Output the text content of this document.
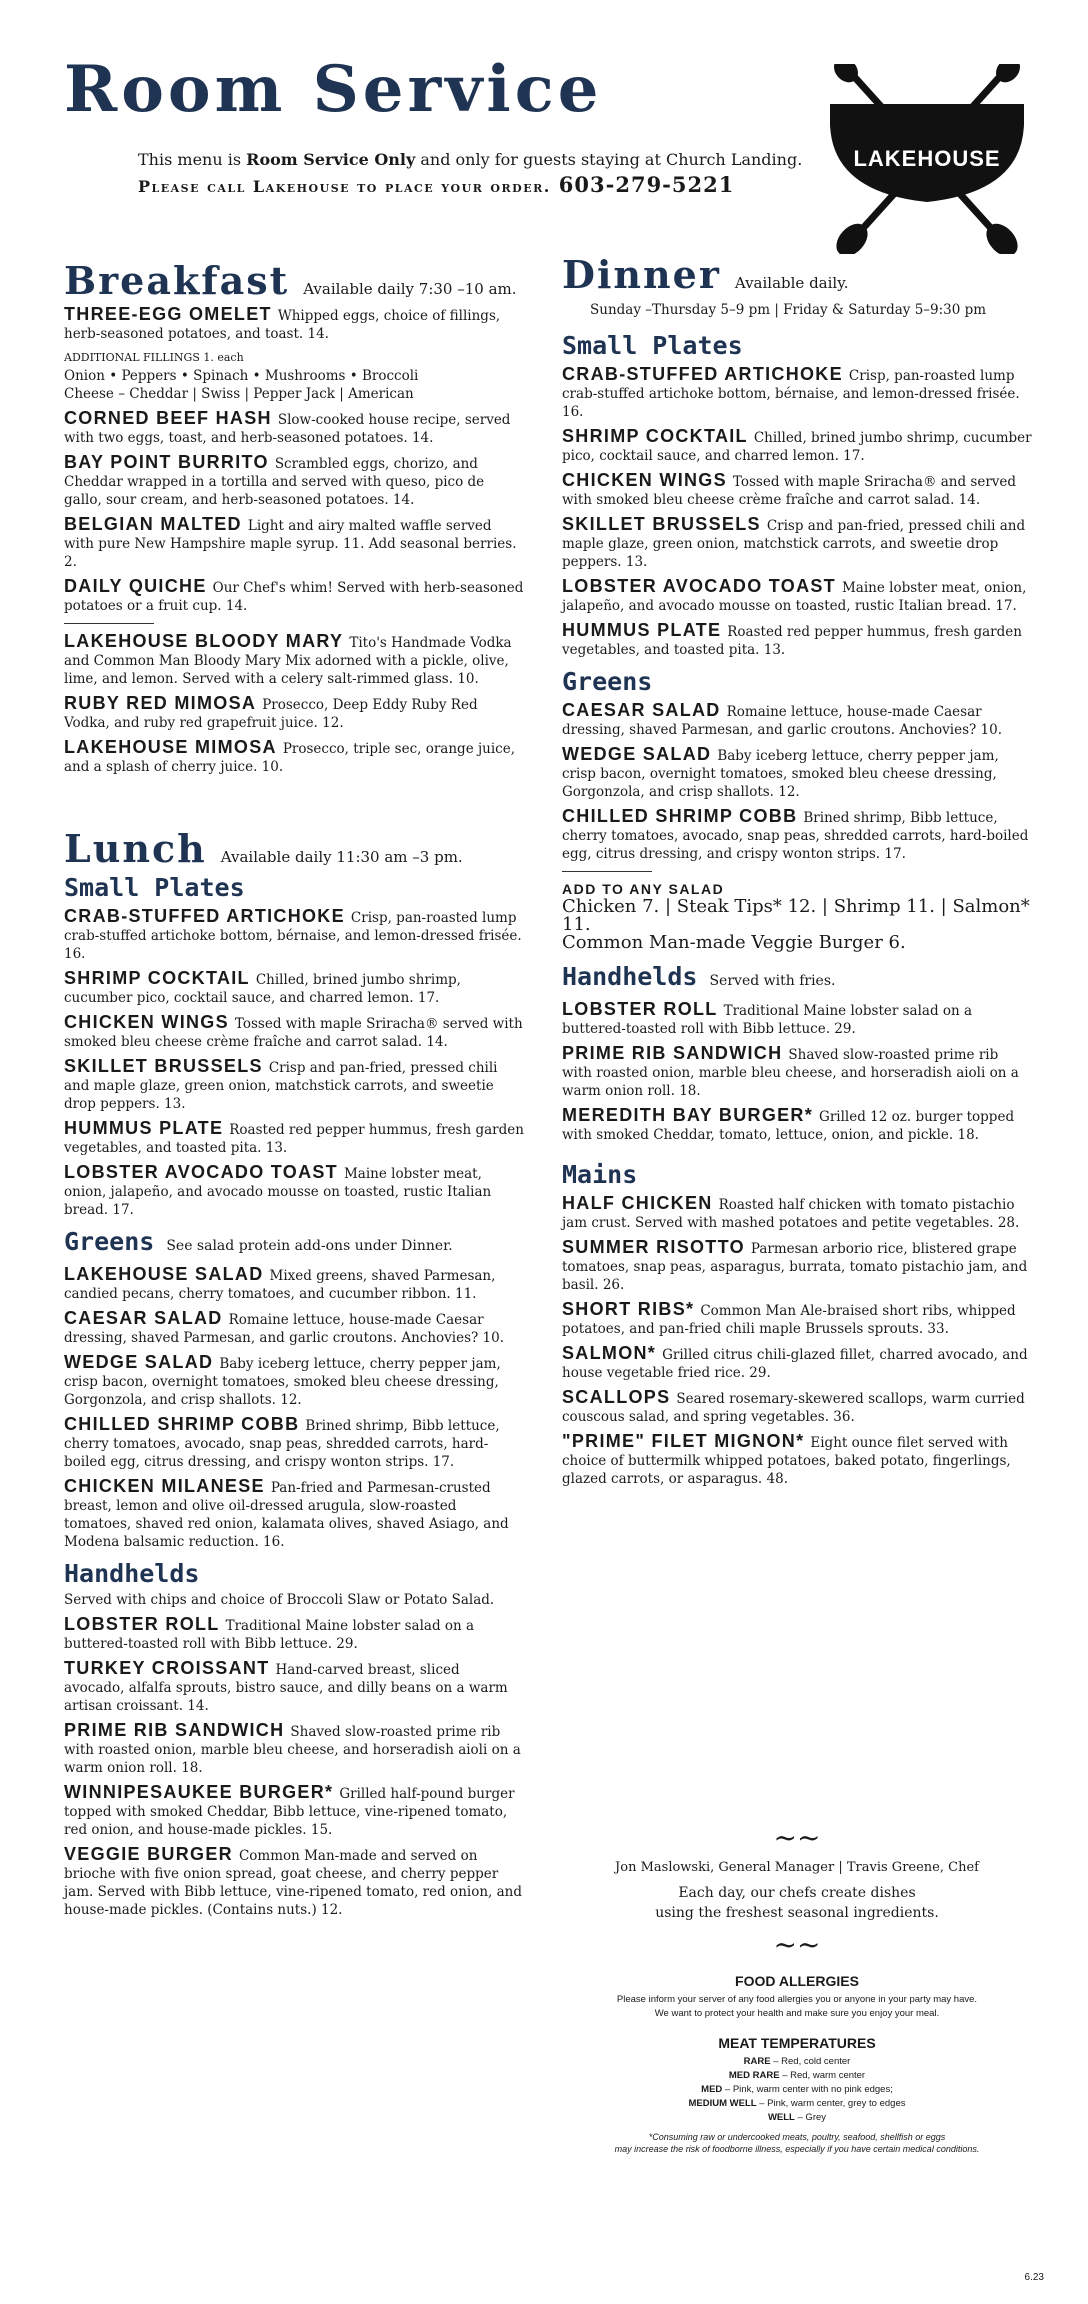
Room Service
This menu is Room Service Only and only for guests staying at Church Landing.
Please call Lakehouse to place your order. 603-279-5221
LAKEHOUSE
Breakfast Available daily 7:30 –10 am.
THREE-EGG OMELET Whipped eggs, choice of fillings, herb-seasoned potatoes, and toast. 14.
ADDITIONAL FILLINGS 1. each
Onion • Peppers • Spinach • Mushrooms • Broccoli
Cheese – Cheddar | Swiss | Pepper Jack | American
CORNED BEEF HASH Slow-cooked house recipe, served with two eggs, toast, and herb-seasoned potatoes. 14.
BAY POINT BURRITO Scrambled eggs, chorizo, and Cheddar wrapped in a tortilla and served with queso, pico de gallo, sour cream, and herb-seasoned potatoes. 14.
BELGIAN MALTED Light and airy malted waffle served with pure New Hampshire maple syrup. 11. Add seasonal berries. 2.
DAILY QUICHE Our Chef's whim! Served with herb-seasoned potatoes or a fruit cup. 14.
LAKEHOUSE BLOODY MARY Tito's Handmade Vodka and Common Man Bloody Mary Mix adorned with a pickle, olive, lime, and lemon. Served with a celery salt-rimmed glass. 10.
RUBY RED MIMOSA Prosecco, Deep Eddy Ruby Red Vodka, and ruby red grapefruit juice. 12.
LAKEHOUSE MIMOSA Prosecco, triple sec, orange juice, and a splash of cherry juice. 10.
Lunch Available daily 11:30 am –3 pm.
Small Plates
CRAB-STUFFED ARTICHOKE Crisp, pan-roasted lump crab-stuffed artichoke bottom, bérnaise, and lemon-dressed frisée. 16.
SHRIMP COCKTAIL Chilled, brined jumbo shrimp, cucumber pico, cocktail sauce, and charred lemon. 17.
CHICKEN WINGS Tossed with maple Sriracha® served with smoked bleu cheese crème fraîche and carrot salad. 14.
SKILLET BRUSSELS Crisp and pan-fried, pressed chili and maple glaze, green onion, matchstick carrots, and sweetie drop peppers. 13.
HUMMUS PLATE Roasted red pepper hummus, fresh garden vegetables, and toasted pita. 13.
LOBSTER AVOCADO TOAST Maine lobster meat, onion, jalapeño, and avocado mousse on toasted, rustic Italian bread. 17.
Greens See salad protein add-ons under Dinner.
LAKEHOUSE SALAD Mixed greens, shaved Parmesan, candied pecans, cherry tomatoes, and cucumber ribbon. 11.
CAESAR SALAD Romaine lettuce, house-made Caesar dressing, shaved Parmesan, and garlic croutons. Anchovies? 10.
WEDGE SALAD Baby iceberg lettuce, cherry pepper jam, crisp bacon, overnight tomatoes, smoked bleu cheese dressing, Gorgonzola, and crisp shallots. 12.
CHILLED SHRIMP COBB Brined shrimp, Bibb lettuce, cherry tomatoes, avocado, snap peas, shredded carrots, hard-boiled egg, citrus dressing, and crispy wonton strips. 17.
CHICKEN MILANESE Pan-fried and Parmesan-crusted breast, lemon and olive oil-dressed arugula, slow-roasted tomatoes, shaved red onion, kalamata olives, shaved Asiago, and Modena balsamic reduction. 16.
Handhelds
Served with chips and choice of Broccoli Slaw or Potato Salad.
LOBSTER ROLL Traditional Maine lobster salad on a buttered-toasted roll with Bibb lettuce. 29.
TURKEY CROISSANT Hand-carved breast, sliced avocado, alfalfa sprouts, bistro sauce, and dilly beans on a warm artisan croissant. 14.
PRIME RIB SANDWICH Shaved slow-roasted prime rib with roasted onion, marble bleu cheese, and horseradish aioli on a warm onion roll. 18.
WINNIPESAUKEE BURGER* Grilled half-pound burger topped with smoked Cheddar, Bibb lettuce, vine-ripened tomato, red onion, and house-made pickles. 15.
VEGGIE BURGER Common Man-made and served on brioche with five onion spread, goat cheese, and cherry pepper jam. Served with Bibb lettuce, vine-ripened tomato, red onion, and house-made pickles. (Contains nuts.) 12.
Dinner Available daily.
Sunday –Thursday 5–9 pm | Friday & Saturday 5–9:30 pm
Small Plates
CRAB-STUFFED ARTICHOKE Crisp, pan-roasted lump crab-stuffed artichoke bottom, bérnaise, and lemon-dressed frisée. 16.
SHRIMP COCKTAIL Chilled, brined jumbo shrimp, cucumber pico, cocktail sauce, and charred lemon. 17.
CHICKEN WINGS Tossed with maple Sriracha® and served with smoked bleu cheese crème fraîche and carrot salad. 14.
SKILLET BRUSSELS Crisp and pan-fried, pressed chili and maple glaze, green onion, matchstick carrots, and sweetie drop peppers. 13.
LOBSTER AVOCADO TOAST Maine lobster meat, onion, jalapeño, and avocado mousse on toasted, rustic Italian bread. 17.
HUMMUS PLATE Roasted red pepper hummus, fresh garden vegetables, and toasted pita. 13.
Greens
CAESAR SALAD Romaine lettuce, house-made Caesar dressing, shaved Parmesan, and garlic croutons. Anchovies? 10.
WEDGE SALAD Baby iceberg lettuce, cherry pepper jam, crisp bacon, overnight tomatoes, smoked bleu cheese dressing, Gorgonzola, and crisp shallots. 12.
CHILLED SHRIMP COBB Brined shrimp, Bibb lettuce, cherry tomatoes, avocado, snap peas, shredded carrots, hard-boiled egg, citrus dressing, and crispy wonton strips. 17.
ADD TO ANY SALAD
Chicken 7. | Steak Tips* 12. | Shrimp 11. | Salmon* 11.
Common Man-made Veggie Burger 6.
Handhelds Served with fries.
LOBSTER ROLL Traditional Maine lobster salad on a buttered-toasted roll with Bibb lettuce. 29.
PRIME RIB SANDWICH Shaved slow-roasted prime rib with roasted onion, marble bleu cheese, and horseradish aioli on a warm onion roll. 18.
MEREDITH BAY BURGER* Grilled 12 oz. burger topped with smoked Cheddar, tomato, lettuce, onion, and pickle. 18.
Mains
HALF CHICKEN Roasted half chicken with tomato pistachio jam crust. Served with mashed potatoes and petite vegetables. 28.
SUMMER RISOTTO Parmesan arborio rice, blistered grape tomatoes, snap peas, asparagus, burrata, tomato pistachio jam, and basil. 26.
SHORT RIBS* Common Man Ale-braised short ribs, whipped potatoes, and pan-fried chili maple Brussels sprouts. 33.
SALMON* Grilled citrus chili-glazed fillet, charred avocado, and house vegetable fried rice. 29.
SCALLOPS Seared rosemary-skewered scallops, warm curried couscous salad, and spring vegetables. 36.
"PRIME" FILET MIGNON* Eight ounce filet served with choice of buttermilk whipped potatoes, baked potato, fingerlings, glazed carrots, or asparagus. 48.
~~
Jon Maslowski, General Manager | Travis Greene, Chef
Each day, our chefs create dishes
using the freshest seasonal ingredients.
~~
FOOD ALLERGIES
Please inform your server of any food allergies you or anyone in your party may have.
We want to protect your health and make sure you enjoy your meal.
MEAT TEMPERATURES
RARE – Red, cold center
MED RARE – Red, warm center
MED – Pink, warm center with no pink edges;
MEDIUM WELL – Pink, warm center, grey to edges
WELL – Grey
*Consuming raw or undercooked meats, poultry, seafood, shellfish or eggs
may increase the risk of foodborne illness, especially if you have certain medical conditions.
6.23
